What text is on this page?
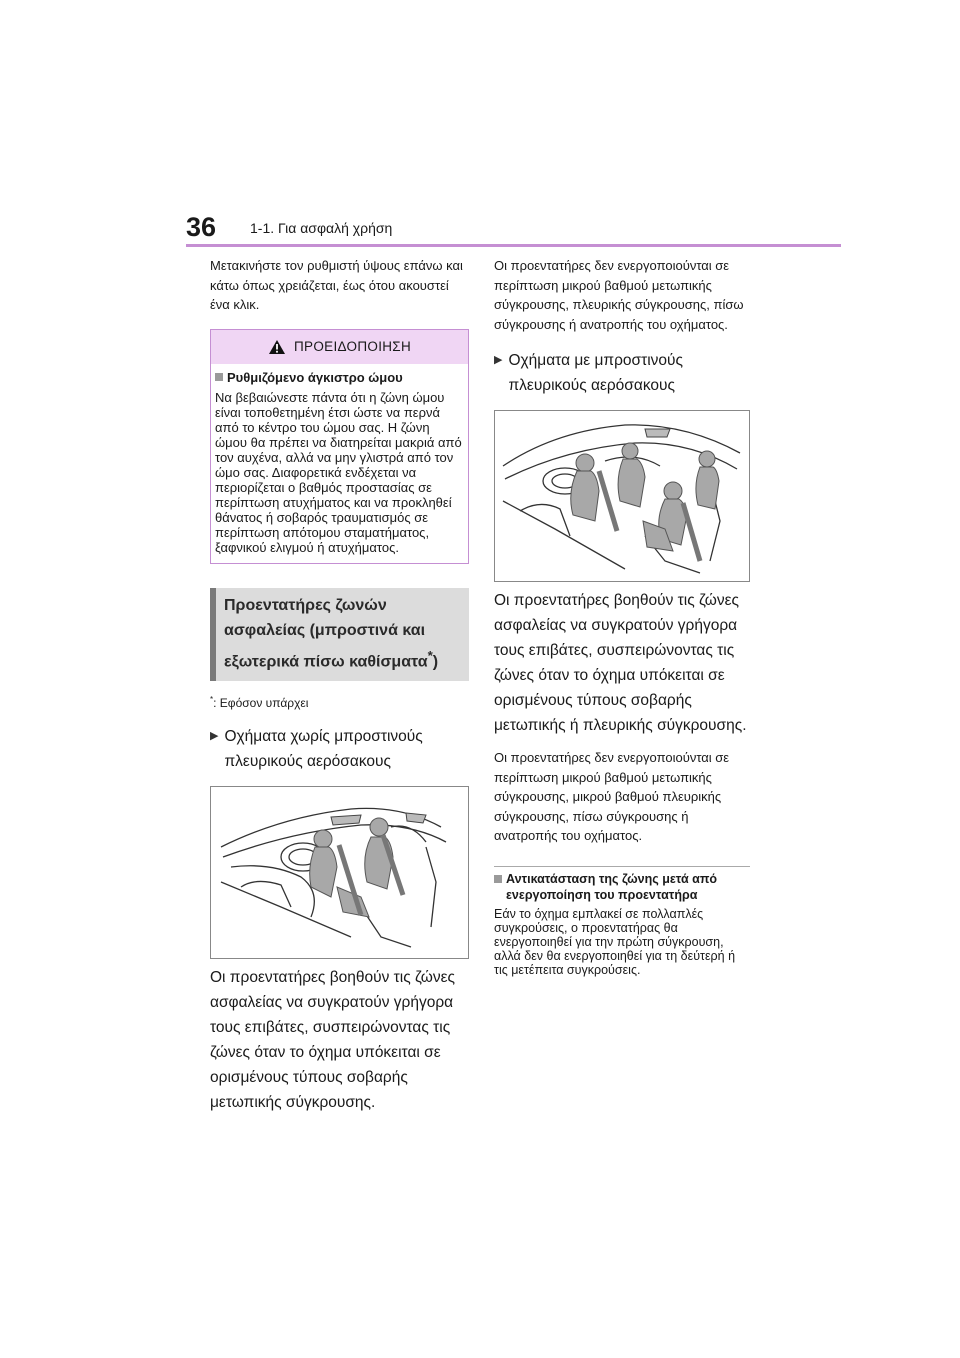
36 1-1. Για ασφαλή χρήση

Μετακινήστε τον ρυθμιστή ύψους επάνω και κάτω όπως χρειάζεται, έως ότου ακουστεί ένα κλικ.

ΠΡΟΕΙΔΟΠΟΙΗΣΗ
Ρυθμιζόμενο άγκιστρο ώμου

Να βεβαιώνεστε πάντα ότι η ζώνη ώμου είναι τοποθετημένη έτσι ώστε να περνά από το κέντρο του ώμου σας. Η ζώνη ώμου θα πρέπει να διατηρείται μακριά από τον αυχένα, αλλά να μην γλιστρά από τον ώμο σας. Διαφορετικά ενδέχεται να περιορίζεται ο βαθμός προστασίας σε περίπτωση ατυχήματος και να προκληθεί θάνατος ή σοβαρός τραυματισμός σε περίπτωση απότομου σταματήματος, ξαφνικού ελιγμού ή ατυχήματος.

Προεντατήρες ζωνών ασφαλείας (μπροστινά και εξωτερικά πίσω καθίσματα*)

*: Εφόσον υπάρχει

▶ Οχήματα χωρίς μπροστινούς πλευρικούς αερόσακους

Οι προεντατήρες βοηθούν τις ζώνες ασφαλείας να συγκρατούν γρήγορα τους επιβάτες, συσπειρώνοντας τις ζώνες όταν το όχημα υπόκειται σε ορισμένους τύπους σοβαρής μετωπικής σύγκρουσης.

Οι προεντατήρες δεν ενεργοποιούνται σε περίπτωση μικρού βαθμού μετωπικής σύγκρουσης, πλευρικής σύγκρουσης, πίσω σύγκρουσης ή ανατροπής του οχήματος.

▶ Οχήματα με μπροστινούς πλευρικούς αερόσακους

Οι προεντατήρες βοηθούν τις ζώνες ασφαλείας να συγκρατούν γρήγορα τους επιβάτες, συσπειρώνοντας τις ζώνες όταν το όχημα υπόκειται σε ορισμένους τύπους σοβαρής μετωπικής ή πλευρικής σύγκρουσης.

Οι προεντατήρες δεν ενεργοποιούνται σε περίπτωση μικρού βαθμού μετωπικής σύγκρουσης, μικρού βαθμού πλευρικής σύγκρουσης, πίσω σύγκρουσης ή ανατροπής του οχήματος.

Αντικατάσταση της ζώνης μετά από ενεργοποίηση του προεντατήρα

Εάν το όχημα εμπλακεί σε πολλαπλές συγκρούσεις, ο προεντατήρας θα ενεργοποιηθεί για την πρώτη σύγκρουση, αλλά δεν θα ενεργοποιηθεί για τη δεύτερή ή τις μετέπειτα συγκρούσεις.
